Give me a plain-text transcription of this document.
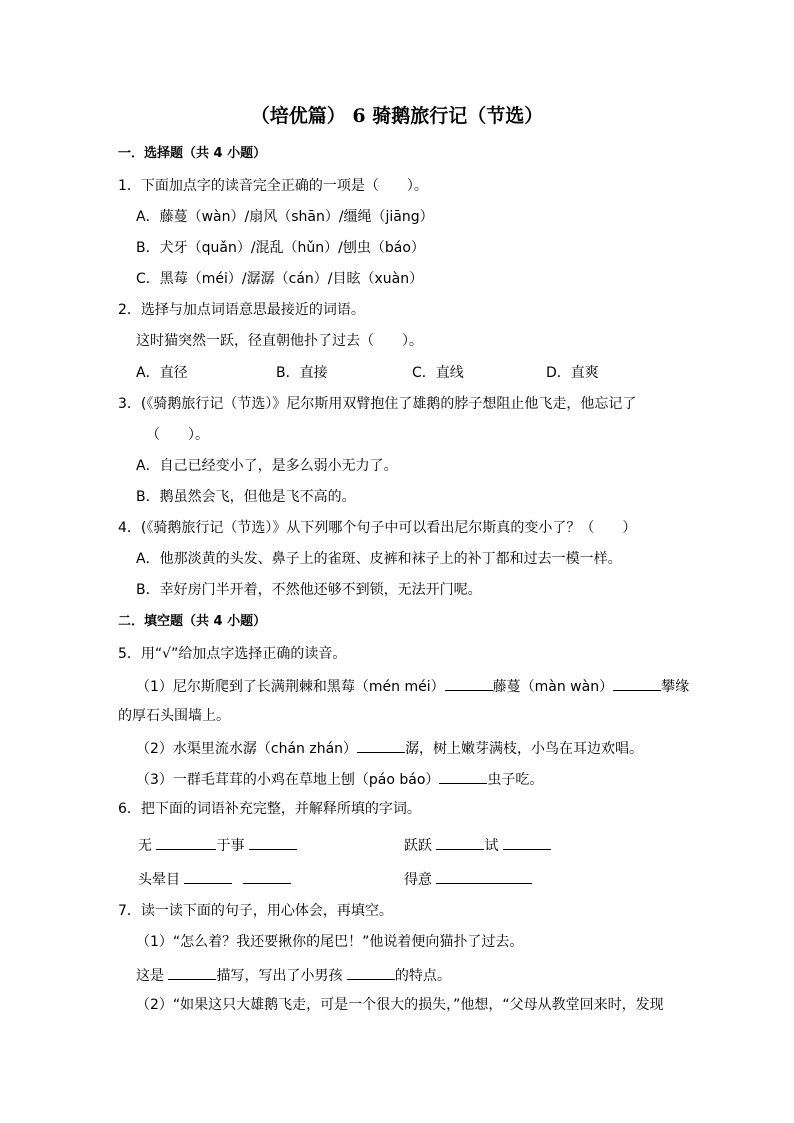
（培优篇） 6 骑鹅旅行记（节选）
一．选择题（共 4 小题）
1．下面加点字的读音完全正确的一项是（　　）。
A．藤蔓（wàn）/扇风（shān）/缰绳（jiāng）
B．犬牙（quǎn）/混乱（hǔn）/刨虫（báo）
C．黑莓（méi）/潺潺（cán）/目眩（xuàn）
2．选择与加点词语意思最接近的词语。
这时猫突然一跃，径直朝他扑了过去（　　）。
A．直径	B．直接	C．直线	D．直爽
3．(《骑鹅旅行记（节选）》尼尔斯用双臂抱住了雄鹅的脖子想阻止他飞走，他忘记了
（　　）。
A．自己已经变小了，是多么弱小无力了。
B．鹅虽然会飞，但他是飞不高的。
4．(《骑鹅旅行记（节选）》从下列哪个句子中可以看出尼尔斯真的变小了？（　　）
A．他那淡黄的头发、鼻子上的雀斑、皮裤和袜子上的补丁都和过去一模一样。
B．幸好房门半开着，不然他还够不到锁，无法开门呢。
二．填空题（共 4 小题）
5．用“√”给加点字选择正确的读音。
（1）尼尔斯爬到了长满荆棘和黑莓（mén méi）	藤蔓（màn wàn）	攀缘
的厚石头围墙上。
（2）水渠里流水潺（chán zhán）	潺，树上嫩芽满枝，小鸟在耳边欢唱。
（3）一群毛茸茸的小鸡在草地上刨（páo báo）	虫子吃。
6．把下面的词语补充完整，并解释所填的字词。
无	于事	跃跃	试
头晕目	得意
7．读一读下面的句子，用心体会，再填空。
（1）“怎么着？我还要揪你的尾巴！”他说着便向猫扑了过去。
这是	描写，写出了小男孩	的特点。
（2）“如果这只大雄鹅飞走，可是一个很大的损失，”他想，“父母从教堂回来时，发现
